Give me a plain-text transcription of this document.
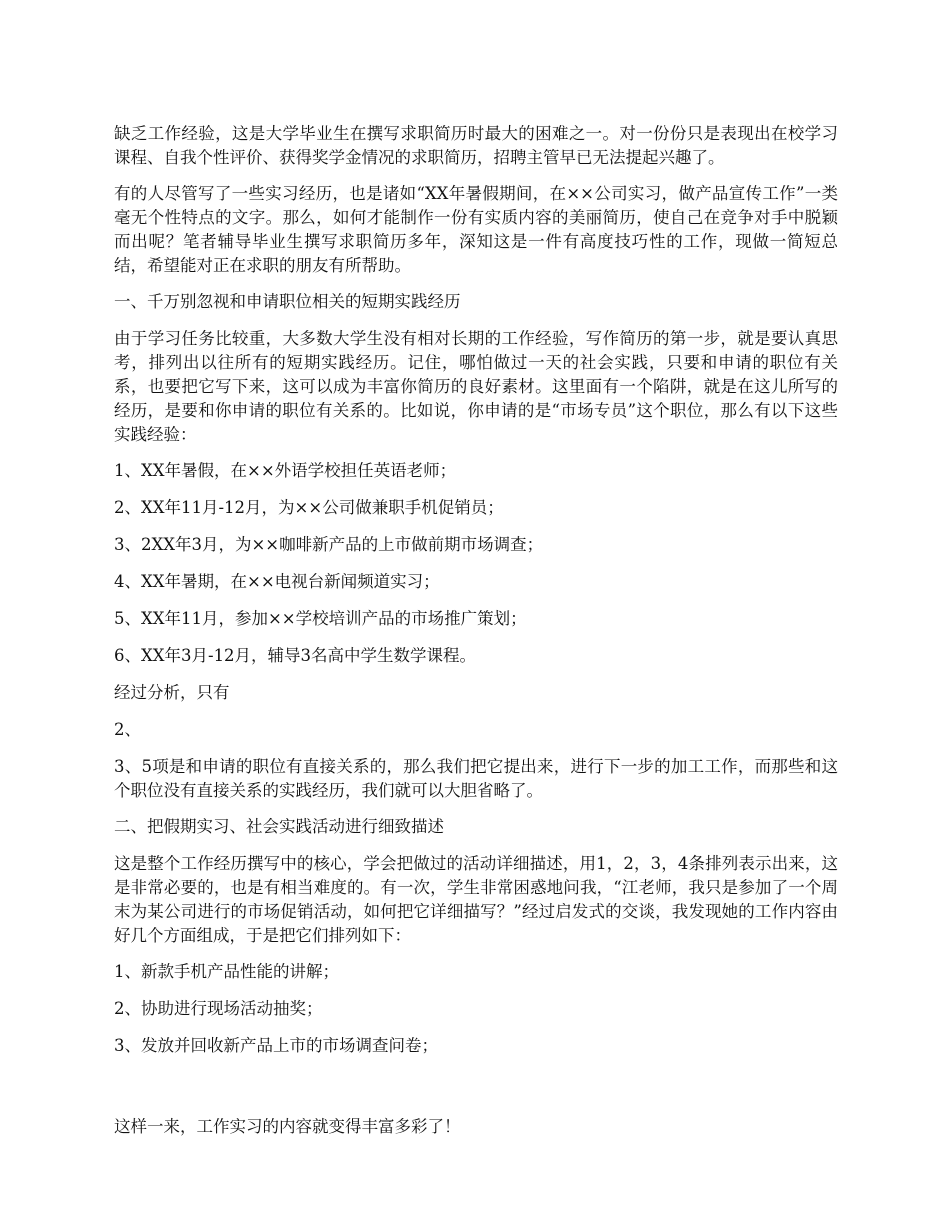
缺乏工作经验，这是大学毕业生在撰写求职简历时最大的困难之一。对一份份只是表现出在校学习课程、自我个性评价、获得奖学金情况的求职简历，招聘主管早已无法提起兴趣了。

有的人尽管写了一些实习经历，也是诸如“XX年暑假期间，在××公司实习，做产品宣传工作”一类毫无个性特点的文字。那么，如何才能制作一份有实质内容的美丽简历，使自己在竞争对手中脱颖而出呢？笔者辅导毕业生撰写求职简历多年，深知这是一件有高度技巧性的工作，现做一简短总结，希望能对正在求职的朋友有所帮助。

一、千万别忽视和申请职位相关的短期实践经历

由于学习任务比较重，大多数大学生没有相对长期的工作经验，写作简历的第一步，就是要认真思考，排列出以往所有的短期实践经历。记住，哪怕做过一天的社会实践，只要和申请的职位有关系，也要把它写下来，这可以成为丰富你简历的良好素材。这里面有一个陷阱，就是在这儿所写的经历，是要和你申请的职位有关系的。比如说，你申请的是“市场专员”这个职位，那么有以下这些实践经验：

1、XX年暑假，在××外语学校担任英语老师；

2、XX年11月-12月，为××公司做兼职手机促销员；

3、2XX年3月，为××咖啡新产品的上市做前期市场调查；

4、XX年暑期，在××电视台新闻频道实习；

5、XX年11月，参加××学校培训产品的市场推广策划；

6、XX年3月-12月，辅导3名高中学生数学课程。

经过分析，只有

2、

3、5项是和申请的职位有直接关系的，那么我们把它提出来，进行下一步的加工工作，而那些和这个职位没有直接关系的实践经历，我们就可以大胆省略了。

二、把假期实习、社会实践活动进行细致描述

这是整个工作经历撰写中的核心，学会把做过的活动详细描述，用1，2，3，4条排列表示出来，这是非常必要的，也是有相当难度的。有一次，学生非常困惑地问我，“江老师，我只是参加了一个周末为某公司进行的市场促销活动，如何把它详细描写？”经过启发式的交谈，我发现她的工作内容由好几个方面组成，于是把它们排列如下：

1、新款手机产品性能的讲解；

2、协助进行现场活动抽奖；

3、发放并回收新产品上市的市场调查问卷；

这样一来，工作实习的内容就变得丰富多彩了！
